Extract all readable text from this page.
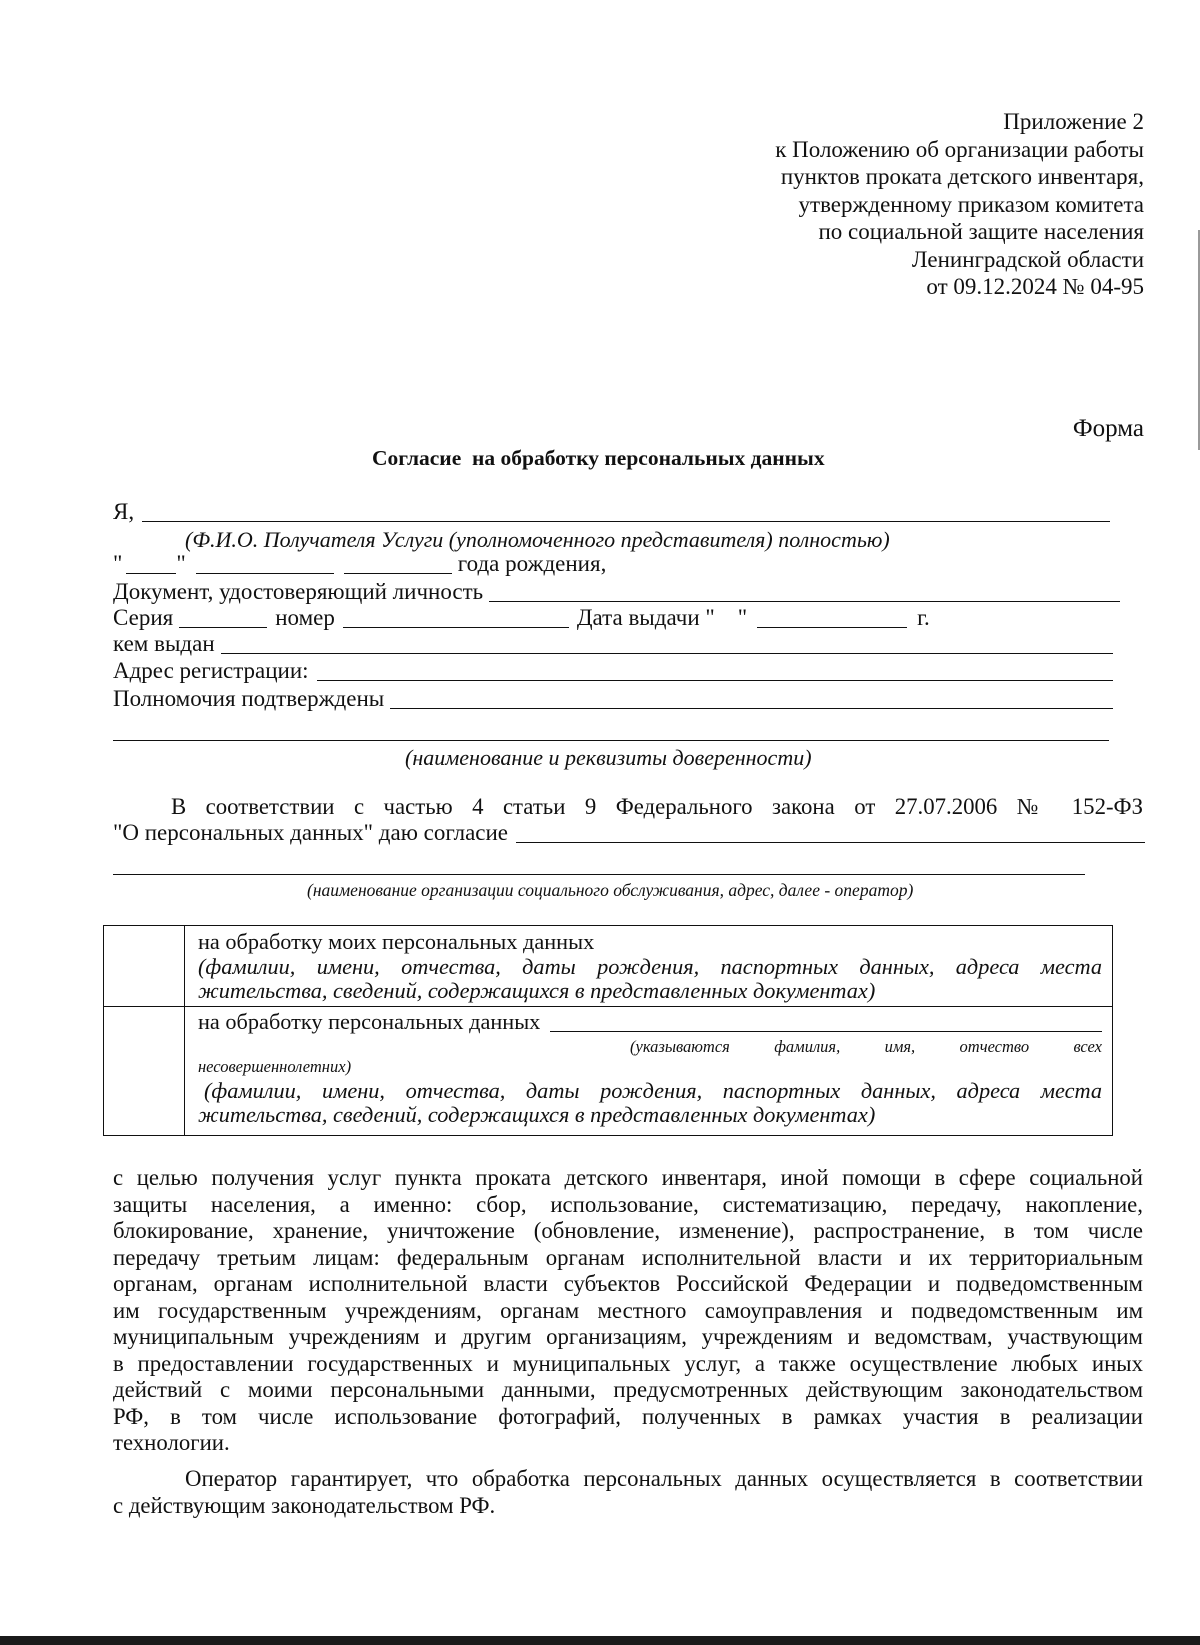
Приложение 2
к Положению об организации работы
пунктов проката детского инвентаря,
утвержденному приказом комитета
по социальной защите населения
Ленинградской области
от 09.12.2024 № 04-95
Форма
Согласие  на обработку персональных данных
Я,
(Ф.И.О. Получателя Услуги (уполномоченного представителя) полностью)
" "	года рождения,
Документ, удостоверяющий личность
Серия	номер	Дата выдачи "    "	г.
кем выдан
Адрес регистрации:
Полномочия подтверждены
(наименование и реквизиты доверенности)
В соответствии с частью 4 статьи 9 Федерального закона от 27.07.2006 № 152-ФЗ
"О персональных данных" даю согласие
(наименование организации социального обслуживания, адрес, далее - оператор)
на обработку моих персональных данных
(фамилии, имени, отчества, даты рождения, паспортных данных, адреса места
жительства, сведений, содержащихся в представленных документах)
на обработку персональных данных
(указываются	фамилия,	имя,	отчество	всех
несовершеннолетних)
(фамилии, имени, отчества, даты рождения, паспортных данных, адреса места
жительства, сведений, содержащихся в представленных документах)
с целью получения услуг пункта проката детского инвентаря, иной помощи в сфере социальной
защиты населения, а именно: сбор, использование, систематизацию, передачу, накопление,
блокирование, хранение, уничтожение (обновление, изменение), распространение, в том числе
передачу третьим лицам: федеральным органам исполнительной власти и их территориальным
органам, органам исполнительной власти субъектов Российской Федерации и подведомственным
им государственным учреждениям, органам местного самоуправления и подведомственным им
муниципальным учреждениям и другим организациям, учреждениям и ведомствам, участвующим
в предоставлении государственных и муниципальных услуг, а также осуществление любых иных
действий с моими персональными данными, предусмотренных действующим законодательством
РФ, в том числе использование фотографий, полученных в рамках участия в реализации
технологии.
Оператор гарантирует, что обработка персональных данных осуществляется в соответствии
с действующим законодательством РФ.
